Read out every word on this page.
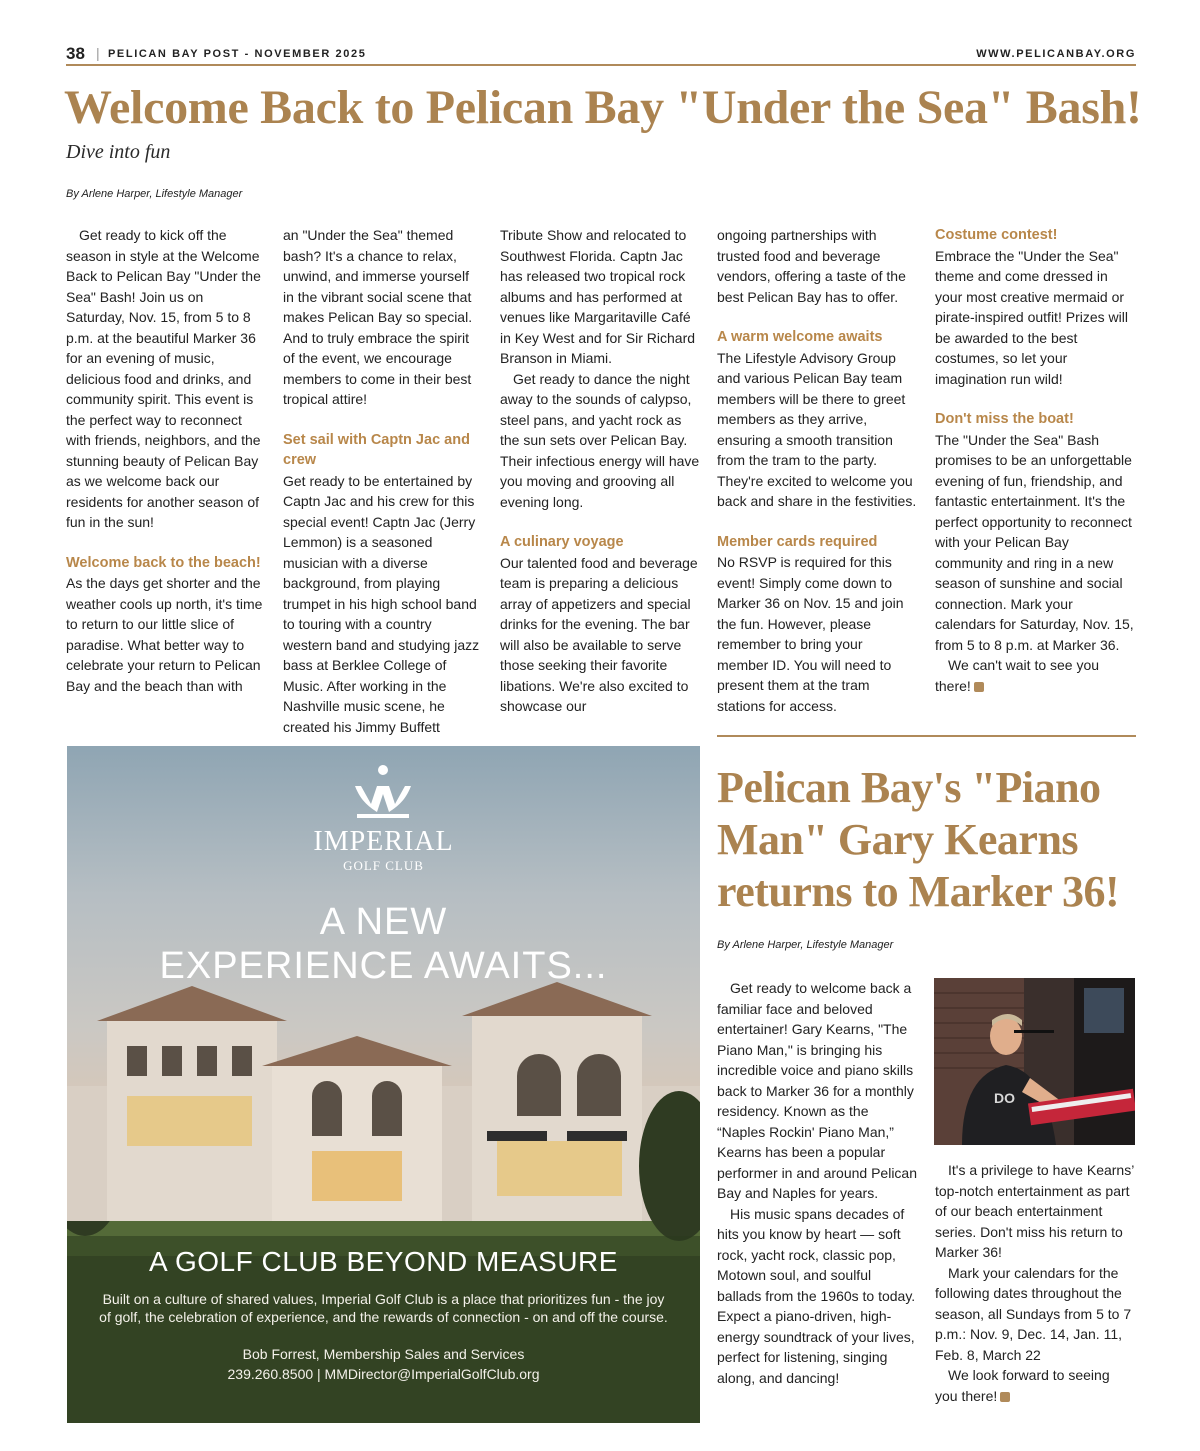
38 | PELICAN BAY POST - NOVEMBER 2025	WWW.PELICANBAY.ORG
Welcome Back to Pelican Bay "Under the Sea" Bash!
Dive into fun
By Arlene Harper, Lifestyle Manager

Get ready to kick off the season in style at the Welcome Back to Pelican Bay "Under the Sea" Bash! Join us on Saturday, Nov. 15, from 5 to 8 p.m. at the beautiful Marker 36 for an evening of music, delicious food and drinks, and community spirit. This event is the perfect way to reconnect with friends, neighbors, and the stunning beauty of Pelican Bay as we welcome back our residents for another season of fun in the sun!

Welcome back to the beach!

As the days get shorter and the weather cools up north, it's time to return to our little slice of paradise. What better way to celebrate your return to Pelican Bay and the beach than with

an "Under the Sea" themed bash? It's a chance to relax, unwind, and immerse yourself in the vibrant social scene that makes Pelican Bay so special. And to truly embrace the spirit of the event, we encourage members to come in their best tropical attire!

Set sail with Captn Jac and crew

Get ready to be entertained by Captn Jac and his crew for this special event! Captn Jac (Jerry Lemmon) is a seasoned musician with a diverse background, from playing trumpet in his high school band to touring with a country western band and studying jazz bass at Berklee College of Music. After working in the Nashville music scene, he created his Jimmy Buffett

Tribute Show and relocated to Southwest Florida. Captn Jac has released two tropical rock albums and has performed at venues like Margaritaville Café in Key West and for Sir Richard Branson in Miami.

Get ready to dance the night away to the sounds of calypso, steel pans, and yacht rock as the sun sets over Pelican Bay. Their infectious energy will have you moving and grooving all evening long.

A culinary voyage

Our talented food and beverage team is preparing a delicious array of appetizers and special drinks for the evening. The bar will also be available to serve those seeking their favorite libations. We're also excited to showcase our

ongoing partnerships with trusted food and beverage vendors, offering a taste of the best Pelican Bay has to offer.

A warm welcome awaits

The Lifestyle Advisory Group and various Pelican Bay team members will be there to greet members as they arrive, ensuring a smooth transition from the tram to the party. They're excited to welcome you back and share in the festivities.

Member cards required

No RSVP is required for this event! Simply come down to Marker 36 on Nov. 15 and join the fun. However, please remember to bring your member ID. You will need to present them at the tram stations for access.

Costume contest!

Embrace the "Under the Sea" theme and come dressed in your most creative mermaid or pirate-inspired outfit! Prizes will be awarded to the best costumes, so let your imagination run wild!

Don't miss the boat!

The "Under the Sea" Bash promises to be an unforgettable evening of fun, friendship, and fantastic entertainment. It's the perfect opportunity to reconnect with your Pelican Bay community and ring in a new season of sunshine and social connection. Mark your calendars for Saturday, Nov. 15, from 5 to 8 p.m. at Marker 36.

We can't wait to see you there!

IMPERIAL
GOLF CLUB
A NEW
EXPERIENCE AWAITS...
A GOLF CLUB BEYOND MEASURE
Built on a culture of shared values, Imperial Golf Club is a place that prioritizes fun - the joy of golf, the celebration of experience, and the rewards of connection - on and off the course.
Bob Forrest, Membership Sales and Services
239.260.8500 | MMDirector@ImperialGolfClub.org
Pelican Bay's "Piano Man" Gary Kearns returns to Marker 36!
By Arlene Harper, Lifestyle Manager

Get ready to welcome back a familiar face and beloved entertainer! Gary Kearns, "The Piano Man," is bringing his incredible voice and piano skills back to Marker 36 for a monthly residency. Known as the “Naples Rockin' Piano Man,” Kearns has been a popular performer in and around Pelican Bay and Naples for years.

His music spans decades of hits you know by heart — soft rock, yacht rock, classic pop, Motown soul, and soulful ballads from the 1960s to today. Expect a piano-driven, high-energy soundtrack of your lives, perfect for listening, singing along, and dancing!

DO

It's a privilege to have Kearns’ top-notch entertainment as part of our beach entertainment series. Don't miss his return to Marker 36!

Mark your calendars for the following dates throughout the season, all Sundays from 5 to 7 p.m.: Nov. 9, Dec. 14, Jan. 11, Feb. 8, March 22

We look forward to seeing you there!
